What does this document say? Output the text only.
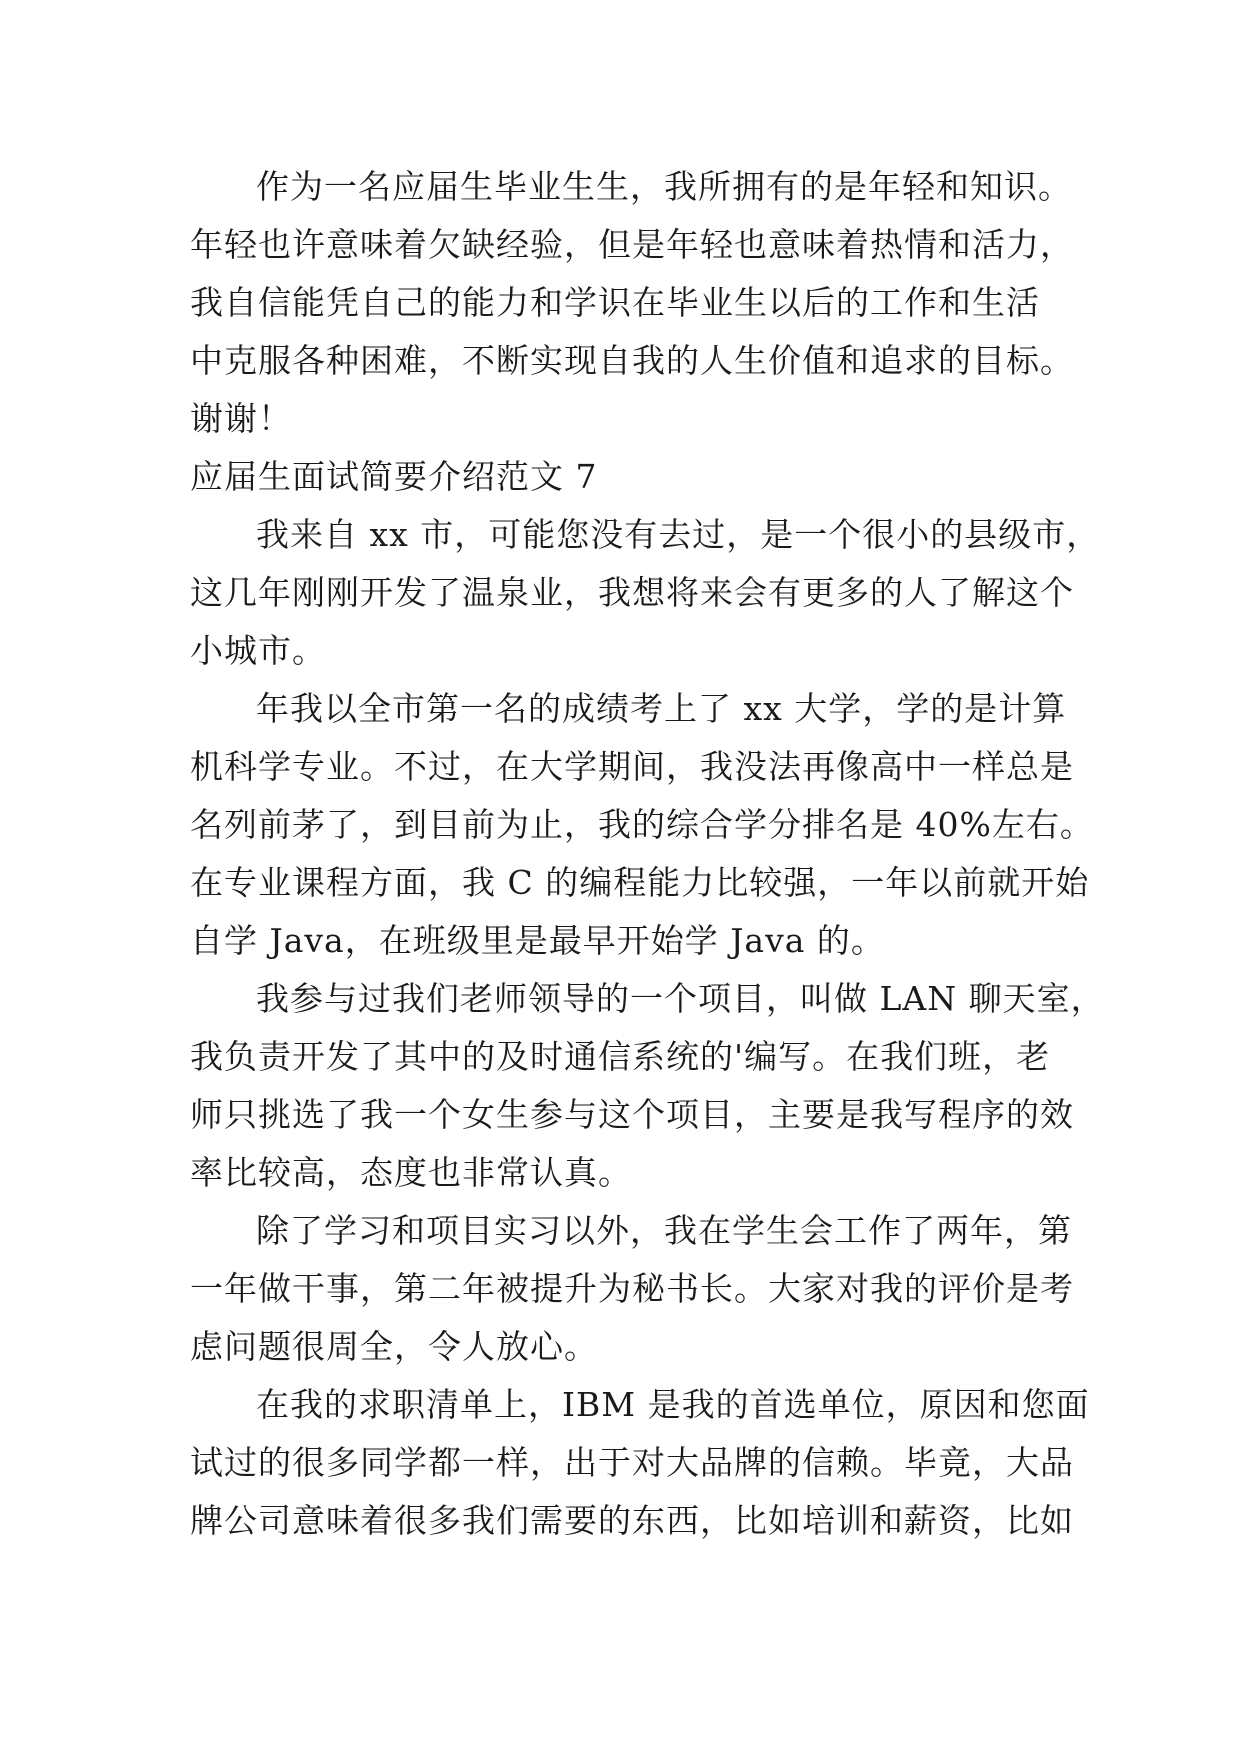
作为一名应届生毕业生生，我所拥有的是年轻和知识。
年轻也许意味着欠缺经验，但是年轻也意味着热情和活力，
我自信能凭自己的能力和学识在毕业生以后的工作和生活
中克服各种困难，不断实现自我的人生价值和追求的目标。
谢谢！
应届生面试简要介绍范文 7
我来自 xx 市，可能您没有去过，是一个很小的县级市，
这几年刚刚开发了温泉业，我想将来会有更多的人了解这个
小城市。
年我以全市第一名的成绩考上了 xx 大学，学的是计算
机科学专业。不过，在大学期间，我没法再像高中一样总是
名列前茅了，到目前为止，我的综合学分排名是 40%左右。
在专业课程方面，我 C 的编程能力比较强，一年以前就开始
自学 Java，在班级里是最早开始学 Java 的。
我参与过我们老师领导的一个项目，叫做 LAN 聊天室，
我负责开发了其中的及时通信系统的'编写。在我们班，老
师只挑选了我一个女生参与这个项目，主要是我写程序的效
率比较高，态度也非常认真。
除了学习和项目实习以外，我在学生会工作了两年，第
一年做干事，第二年被提升为秘书长。大家对我的评价是考
虑问题很周全，令人放心。
在我的求职清单上，IBM 是我的首选单位，原因和您面
试过的很多同学都一样，出于对大品牌的信赖。毕竟，大品
牌公司意味着很多我们需要的东西，比如培训和薪资，比如
